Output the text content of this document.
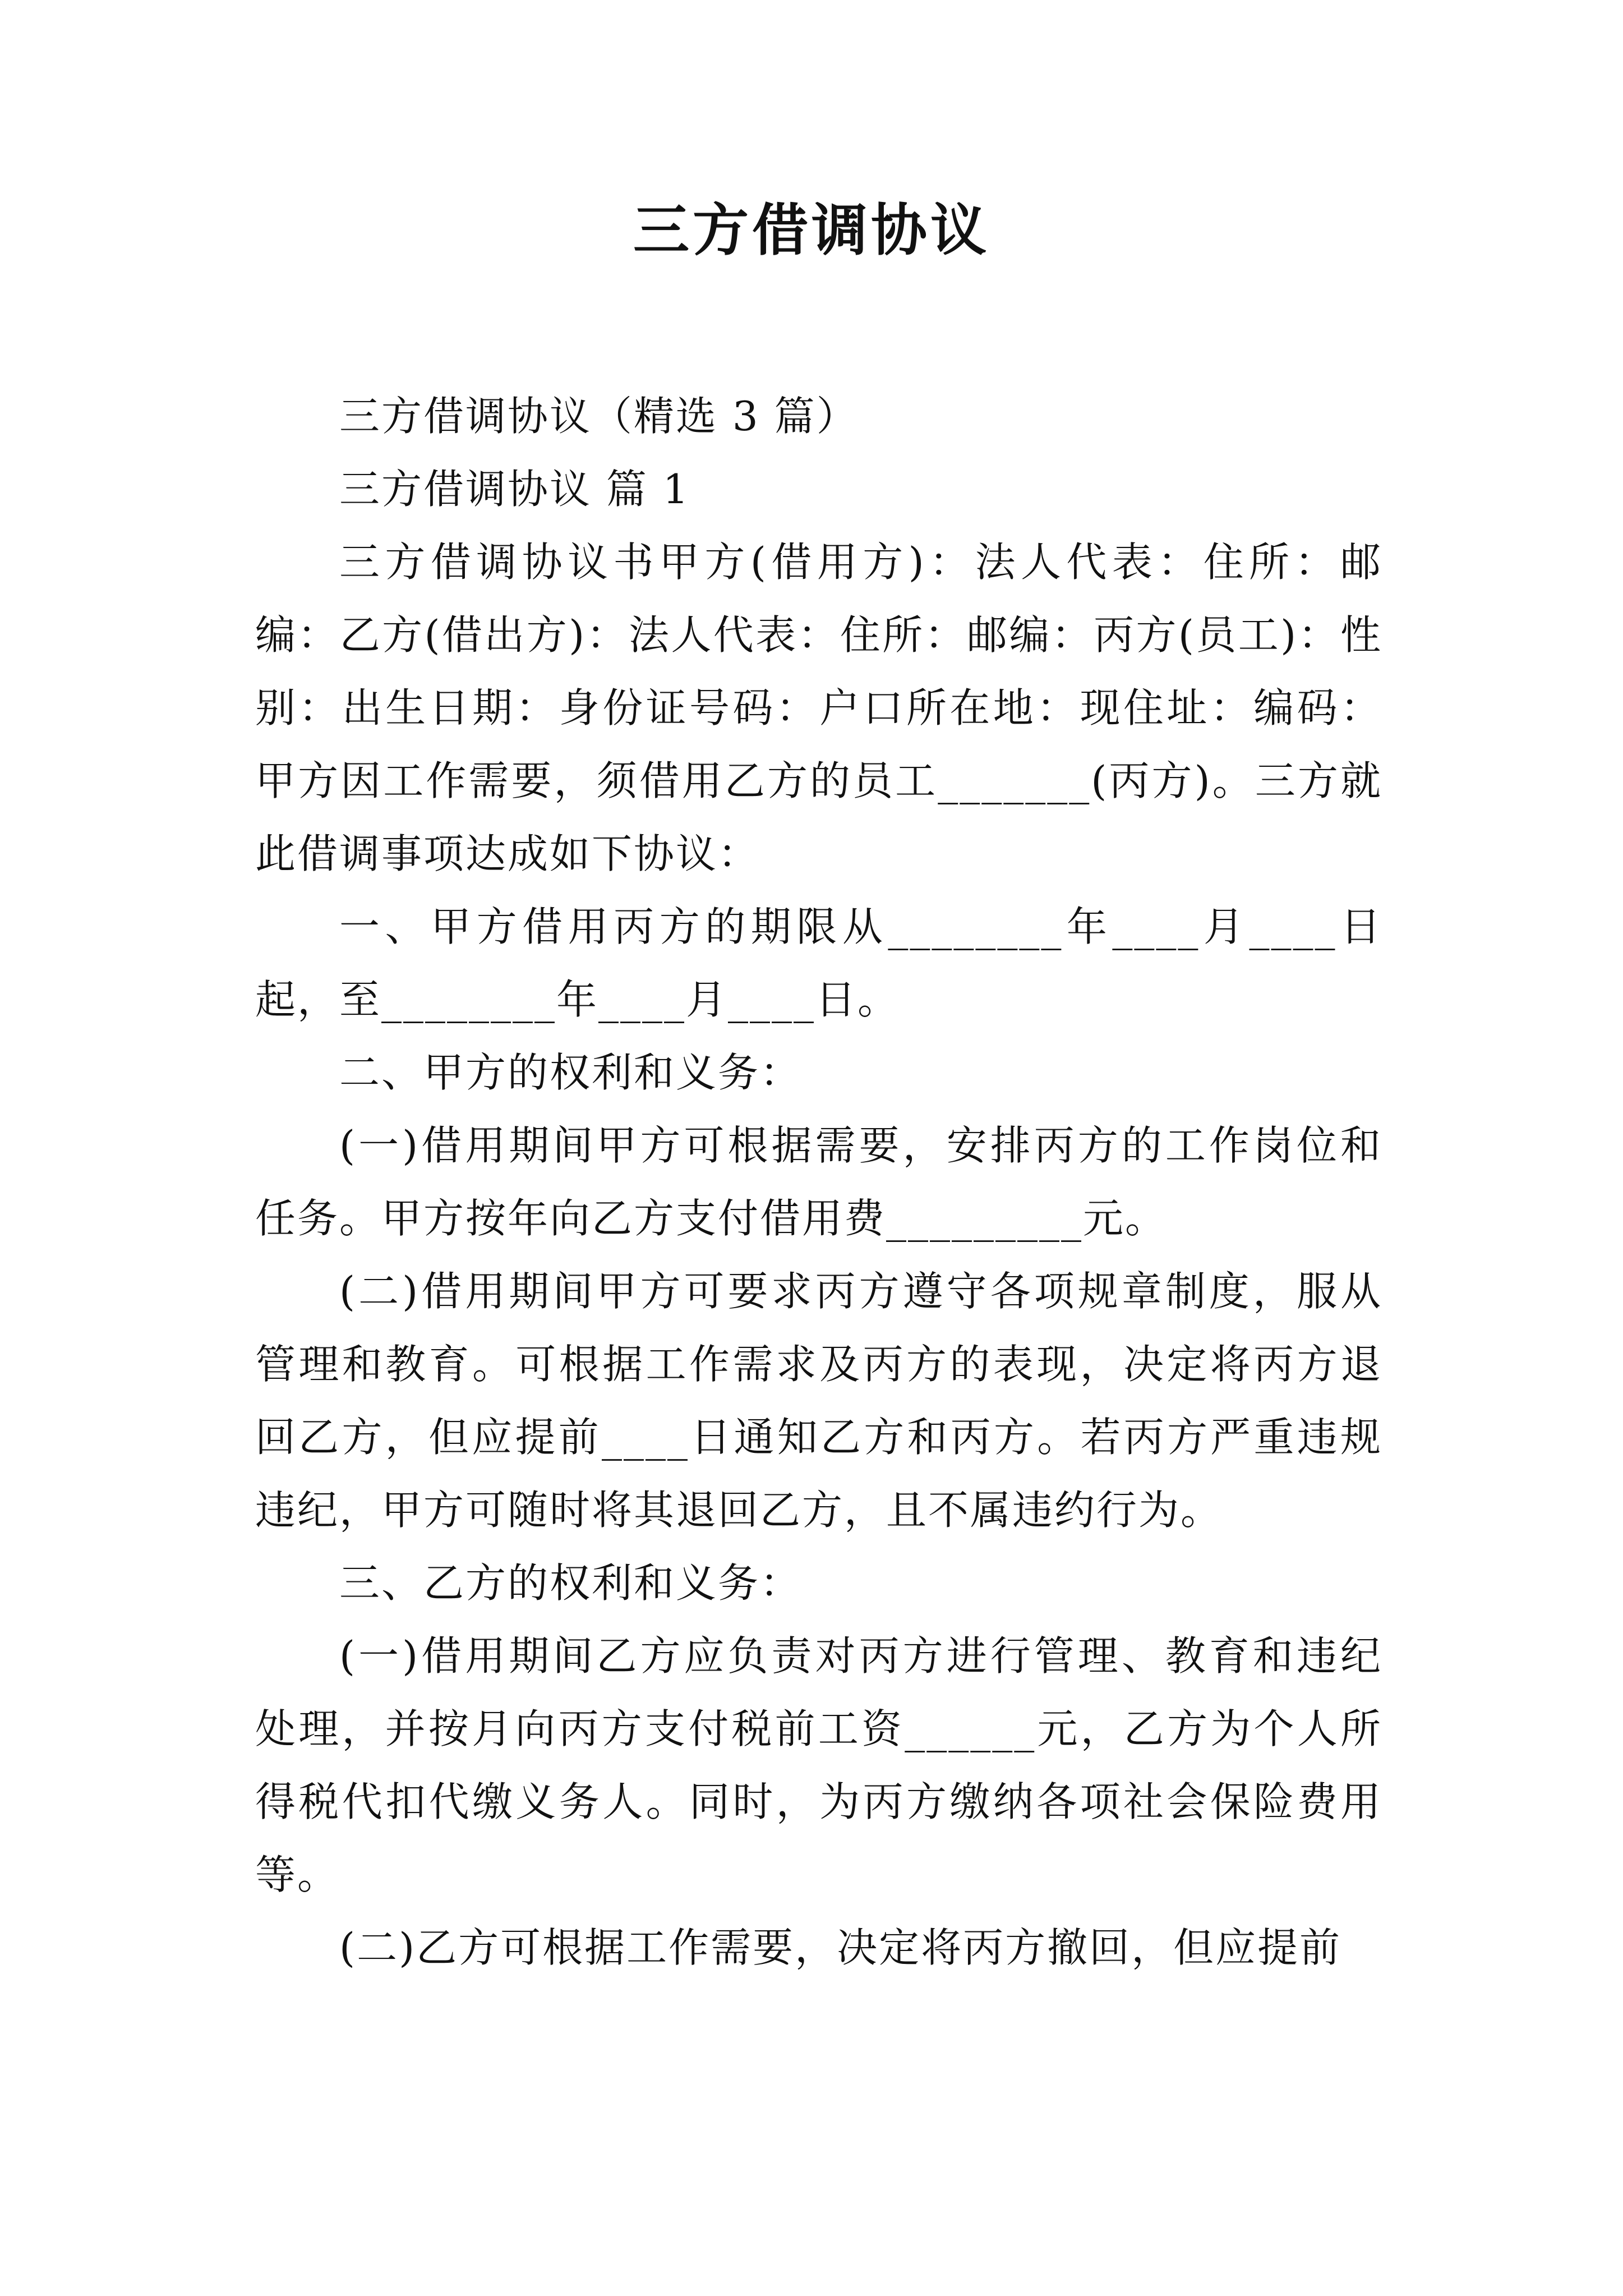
三方借调协议

三方借调协议（精选 3 篇）

三方借调协议 篇 1

三方借调协议书甲方(借用方)：法人代表：住所：邮编：乙方(借出方)：法人代表：住所：邮编：丙方(员工)：性别：出生日期：身份证号码：户口所在地：现住址：编码：甲方因工作需要，须借用乙方的员工_______(丙方)。三方就此借调事项达成如下协议：

一、甲方借用丙方的期限从________年____月____日起，至________年____月____日。

二、甲方的权利和义务：

(一)借用期间甲方可根据需要，安排丙方的工作岗位和任务。甲方按年向乙方支付借用费_________元。

(二)借用期间甲方可要求丙方遵守各项规章制度，服从管理和教育。可根据工作需求及丙方的表现，决定将丙方退回乙方，但应提前____日通知乙方和丙方。若丙方严重违规违纪，甲方可随时将其退回乙方，且不属违约行为。

三、乙方的权利和义务：

(一)借用期间乙方应负责对丙方进行管理、教育和违纪处理，并按月向丙方支付税前工资______元，乙方为个人所得税代扣代缴义务人。同时，为丙方缴纳各项社会保险费用等。

(二)乙方可根据工作需要，决定将丙方撤回，但应提前
